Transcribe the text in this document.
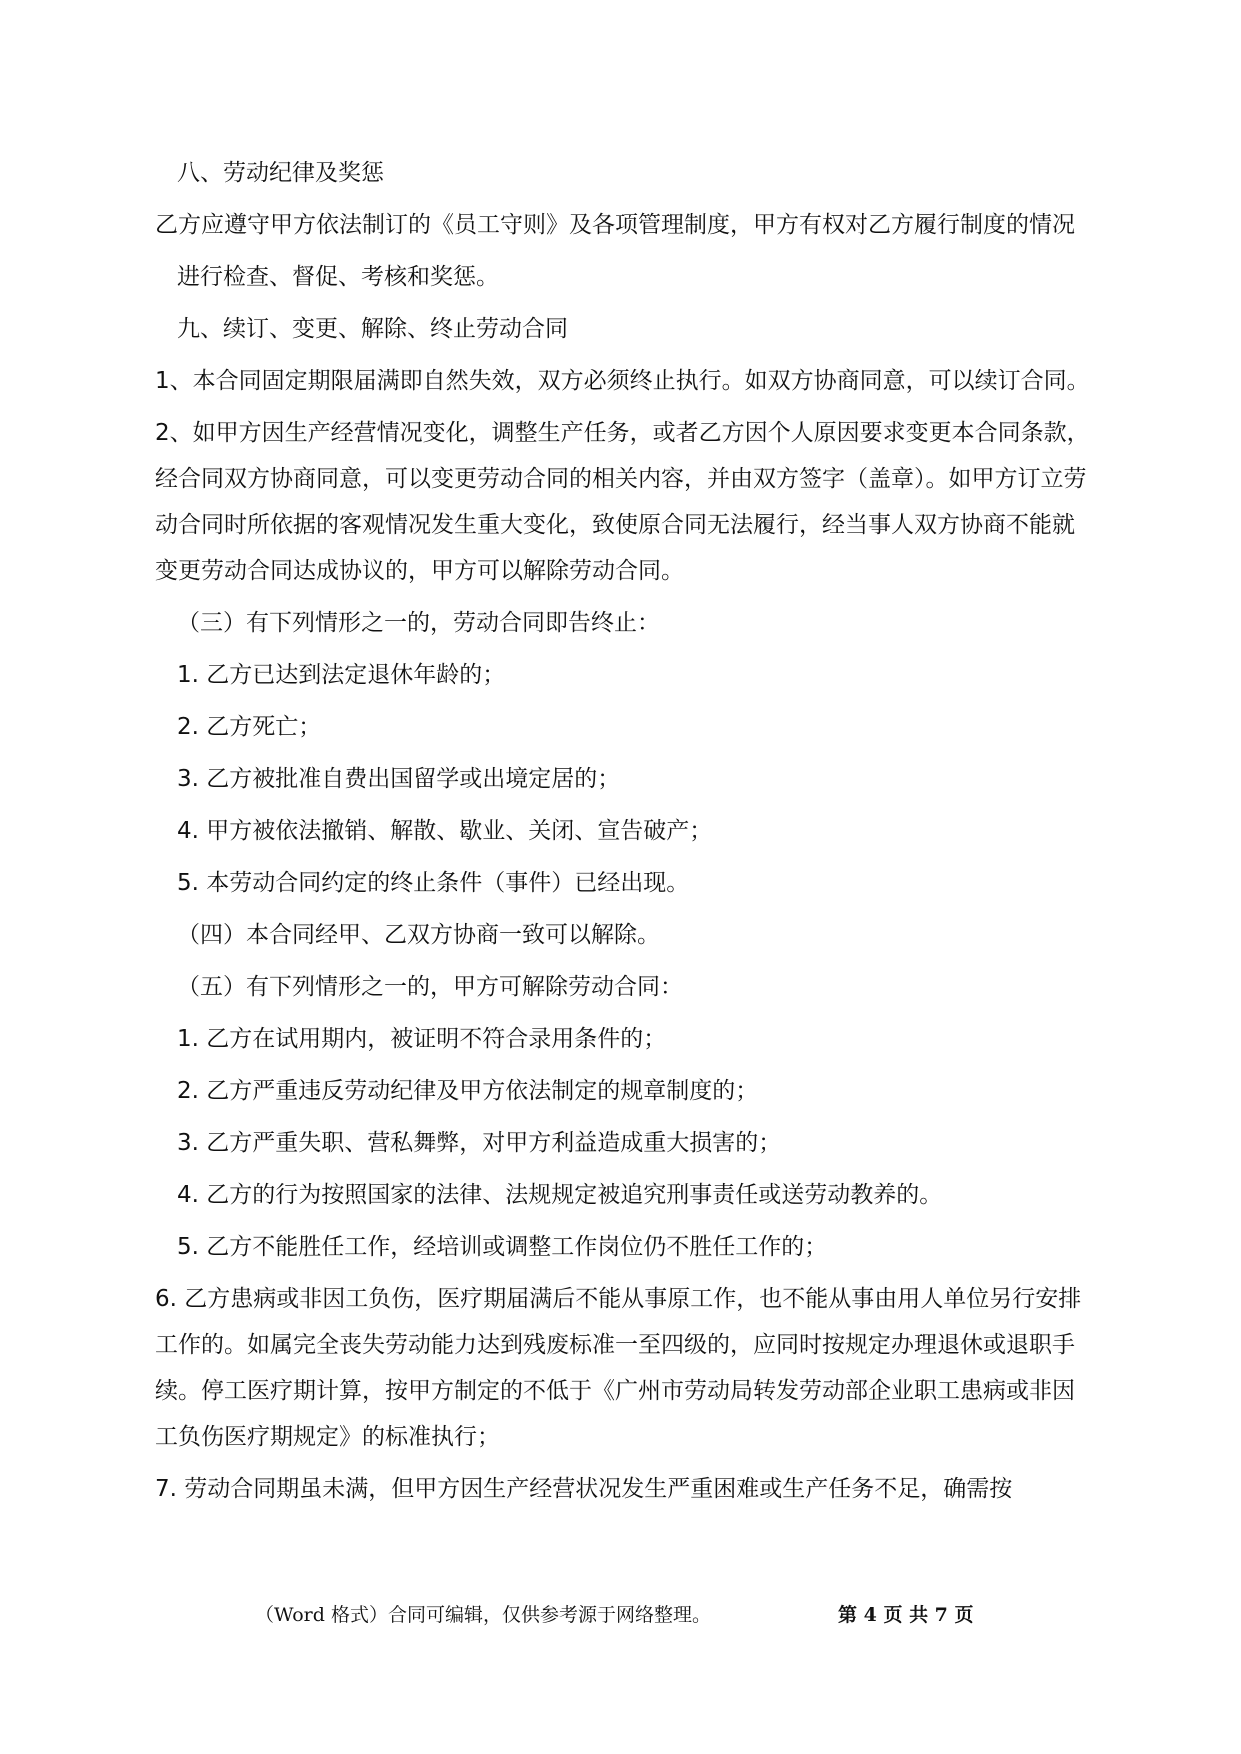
八、劳动纪律及奖惩

乙方应遵守甲方依法制订的《员工守则》及各项管理制度，甲方有权对乙方履行制度的情况

进行检查、督促、考核和奖惩。

九、续订、变更、解除、终止劳动合同

1、本合同固定期限届满即自然失效，双方必须终止执行。如双方协商同意，可以续订合同。

2、如甲方因生产经营情况变化，调整生产任务，或者乙方因个人原因要求变更本合同条款，经合同双方协商同意，可以变更劳动合同的相关内容，并由双方签字（盖章）。如甲方订立劳动合同时所依据的客观情况发生重大变化，致使原合同无法履行，经当事人双方协商不能就变更劳动合同达成协议的，甲方可以解除劳动合同。

（三）有下列情形之一的，劳动合同即告终止：

1. 乙方已达到法定退休年龄的；

2. 乙方死亡；

3. 乙方被批准自费出国留学或出境定居的；

4. 甲方被依法撤销、解散、歇业、关闭、宣告破产；

5. 本劳动合同约定的终止条件（事件）已经出现。

（四）本合同经甲、乙双方协商一致可以解除。

（五）有下列情形之一的，甲方可解除劳动合同：

1. 乙方在试用期内，被证明不符合录用条件的；

2. 乙方严重违反劳动纪律及甲方依法制定的规章制度的；

3. 乙方严重失职、营私舞弊，对甲方利益造成重大损害的；

4. 乙方的行为按照国家的法律、法规规定被追究刑事责任或送劳动教养的。

5. 乙方不能胜任工作，经培训或调整工作岗位仍不胜任工作的；

6. 乙方患病或非因工负伤，医疗期届满后不能从事原工作，也不能从事由用人单位另行安排工作的。如属完全丧失劳动能力达到残废标准一至四级的，应同时按规定办理退休或退职手续。停工医疗期计算，按甲方制定的不低于《广州市劳动局转发劳动部企业职工患病或非因工负伤医疗期规定》的标准执行；

7. 劳动合同期虽未满，但甲方因生产经营状况发生严重困难或生产任务不足，确需按

（Word 格式）合同可编辑，仅供参考源于网络整理。	第 4 页 共 7 页
